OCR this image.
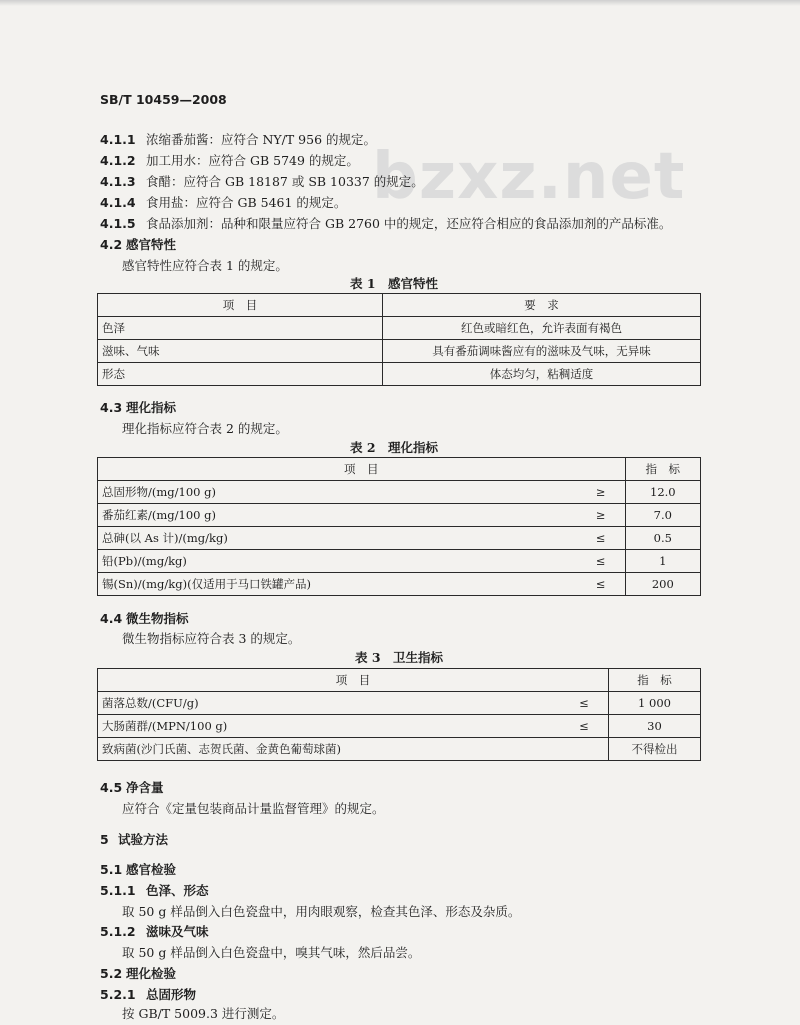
bzxz.net
SB/T 10459—2008
4.1.1 浓缩番茄酱：应符合 NY/T 956 的规定。
4.1.2 加工用水：应符合 GB 5749 的规定。
4.1.3 食醋：应符合 GB 18187 或 SB 10337 的规定。
4.1.4 食用盐：应符合 GB 5461 的规定。
4.1.5 食品添加剂：品种和限量应符合 GB 2760 中的规定，还应符合相应的食品添加剂的产品标准。
4.2 感官特性
感官特性应符合表 1 的规定。
表 1　感官特性
项　目	要　求
色泽	红色或暗红色，允许表面有褐色
滋味、气味	具有番茄调味酱应有的滋味及气味，无异味
形态	体态均匀，粘稠适度
4.3 理化指标
理化指标应符合表 2 的规定。
表 2　理化指标
项　目		指　标
总固形物/(mg/100 g)	≥	12.0
番茄红素/(mg/100 g)	≥	7.0
总砷(以 As 计)/(mg/kg)	≤	0.5
铅(Pb)/(mg/kg)	≤	1
锡(Sn)/(mg/kg)(仅适用于马口铁罐产品)	≤	200
4.4 微生物指标
微生物指标应符合表 3 的规定。
表 3　卫生指标
项　目		指　标
菌落总数/(CFU/g)	≤	1 000
大肠菌群/(MPN/100 g)	≤	30
致病菌(沙门氏菌、志贺氏菌、金黄色葡萄球菌)		不得检出
4.5 净含量
应符合《定量包装商品计量监督管理》的规定。
5 试验方法
5.1 感官检验
5.1.1 色泽、形态
取 50 g 样品倒入白色瓷盘中，用肉眼观察，检查其色泽、形态及杂质。
5.1.2 滋味及气味
取 50 g 样品倒入白色瓷盘中，嗅其气味，然后品尝。
5.2 理化检验
5.2.1 总固形物
按 GB/T 5009.3 进行测定。
